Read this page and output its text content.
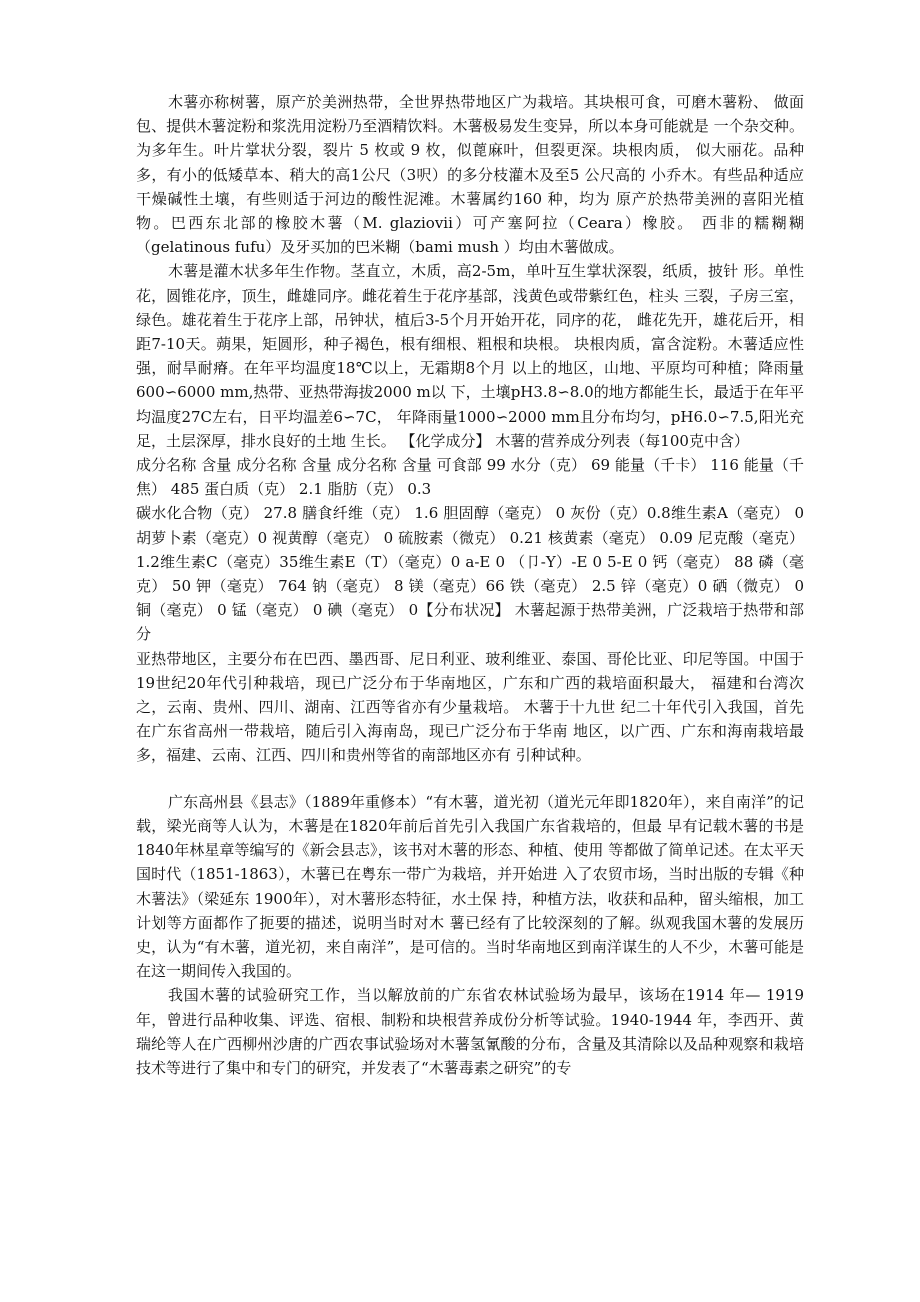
木薯亦称树薯，原产於美洲热带，全世界热带地区广为栽培。其块根可食，可磨木薯粉、 做面包、提供木薯淀粉和浆洗用淀粉乃至酒精饮料。木薯极易发生变异，所以本身可能就是 一个杂交种。为多年生。叶片掌状分裂，裂片 5 枚或 9 枚，似蓖麻叶，但裂更深。块根肉质， 似大丽花。品种多，有小的低矮草本、稍大的高1公尺（3呎）的多分枝灌木及至5 公尺高的 小乔木。有些品种适应干燥碱性土壤，有些则适于河边的酸性泥滩。木薯属约160 种，均为 原产於热带美洲的喜阳光植物。巴西东北部的橡胶木薯（M. glaziovii）可产塞阿拉（Ceara）橡胶。 西非的糯糊糊（gelatinous fufu）及牙买加的巴米糊（bami mush ）均由木薯做成。

木薯是灌木状多年生作物。茎直立，木质，高2-5m，单叶互生掌状深裂，纸质，披针 形。单性花，圆锥花序，顶生，雌雄同序。雌花着生于花序基部，浅黄色或带紫红色，柱头 三裂，子房三室，绿色。雄花着生于花序上部，吊钟状，植后3-5个月开始开花，同序的花， 雌花先开，雄花后开，相距7-10天。蒴果，矩圆形，种子褐色，根有细根、粗根和块根。 块根肉质，富含淀粉。木薯适应性强，耐旱耐瘠。在年平均温度18℃以上，无霜期8个月 以上的地区，山地、平原均可种植；降雨量600∽6000 mm,热带、亚热带海拔2000 m以 下，土壤pH3.8∽8.0的地方都能生长，最适于在年平均温度27C左右，日平均温差6∽7C， 年降雨量1000∽2000 mm且分布均匀，pH6.0∽7.5,阳光充足，土层深厚，排水良好的土地 生长。 【化学成分】 木薯的营养成分列表（每100克中含）

成分名称 含量 成分名称 含量 成分名称 含量 可食部 99 水分（克） 69 能量（千卡） 116 能量（千焦） 485 蛋白质（克） 2.1 脂肪（克） 0.3

碳水化合物（克） 27.8 膳食纤维（克） 1.6 胆固醇（毫克） 0 灰份（克）0.8维生素A（毫克） 0胡萝卜素（毫克）0 视黄醇（毫克） 0 硫胺素（微克） 0.21 核黄素（毫克） 0.09 尼克酸（毫克）1.2维生素C（毫克）35维生素E（T）（毫克）0 a-E 0 （卩-Y）-E 0 5-E 0 钙（毫克） 88 磷（毫克） 50 钾（毫克） 764 钠（毫克） 8 镁（毫克）66 铁（毫克） 2.5 锌（毫克）0 硒（微克） 0 铜（毫克） 0 锰（毫克） 0 碘（毫克） 0【分布状况】 木薯起源于热带美洲，广泛栽培于热带和部分

亚热带地区，主要分布在巴西、墨西哥、尼日利亚、玻利维亚、泰国、哥伦比亚、印尼等国。中国于19世纪20年代引种栽培，现已广泛分布于华南地区，广东和广西的栽培面积最大， 福建和台湾次之，云南、贵州、四川、湖南、江西等省亦有少量栽培。 木薯于十九世 纪二十年代引入我国，首先在广东省高州一带栽培，随后引入海南岛，现已广泛分布于华南 地区，以广西、广东和海南栽培最多，福建、云南、江西、四川和贵州等省的南部地区亦有 引种试种。

广东高州县《县志》（1889年重修本）“有木薯，道光初（道光元年即1820年），来自南洋”的记载，梁光商等人认为，木薯是在1820年前后首先引入我国广东省栽培的，但最 早有记载木薯的书是1840年林星章等编写的《新会县志》，该书对木薯的形态、种植、使用 等都做了简单记述。在太平天国时代（1851-1863），木薯已在粤东一带广为栽培，并开始进 入了农贸市场，当时出版的专辑《种木薯法》（梁延东 1900年），对木薯形态特征，水土保 持，种植方法，收获和品种，留头缩根，加工计划等方面都作了扼要的描述，说明当时对木 薯已经有了比较深刻的了解。纵观我国木薯的发展历史，认为“有木薯，道光初，来自南洋”，是可信的。当时华南地区到南洋谋生的人不少，木薯可能是在这一期间传入我国的。

我国木薯的试验研究工作，当以解放前的广东省农林试验场为最早，该场在1914 年— 1919 年，曾进行品种收集、评选、宿根、制粉和块根营养成份分析等试验。1940-1944 年，李西开、黄瑞纶等人在广西柳州沙唐的广西农事试验场对木薯氢氰酸的分布，含量及其清除以及品种观察和栽培技术等进行了集中和专门的研究，并发表了“木薯毒素之研究”的专
